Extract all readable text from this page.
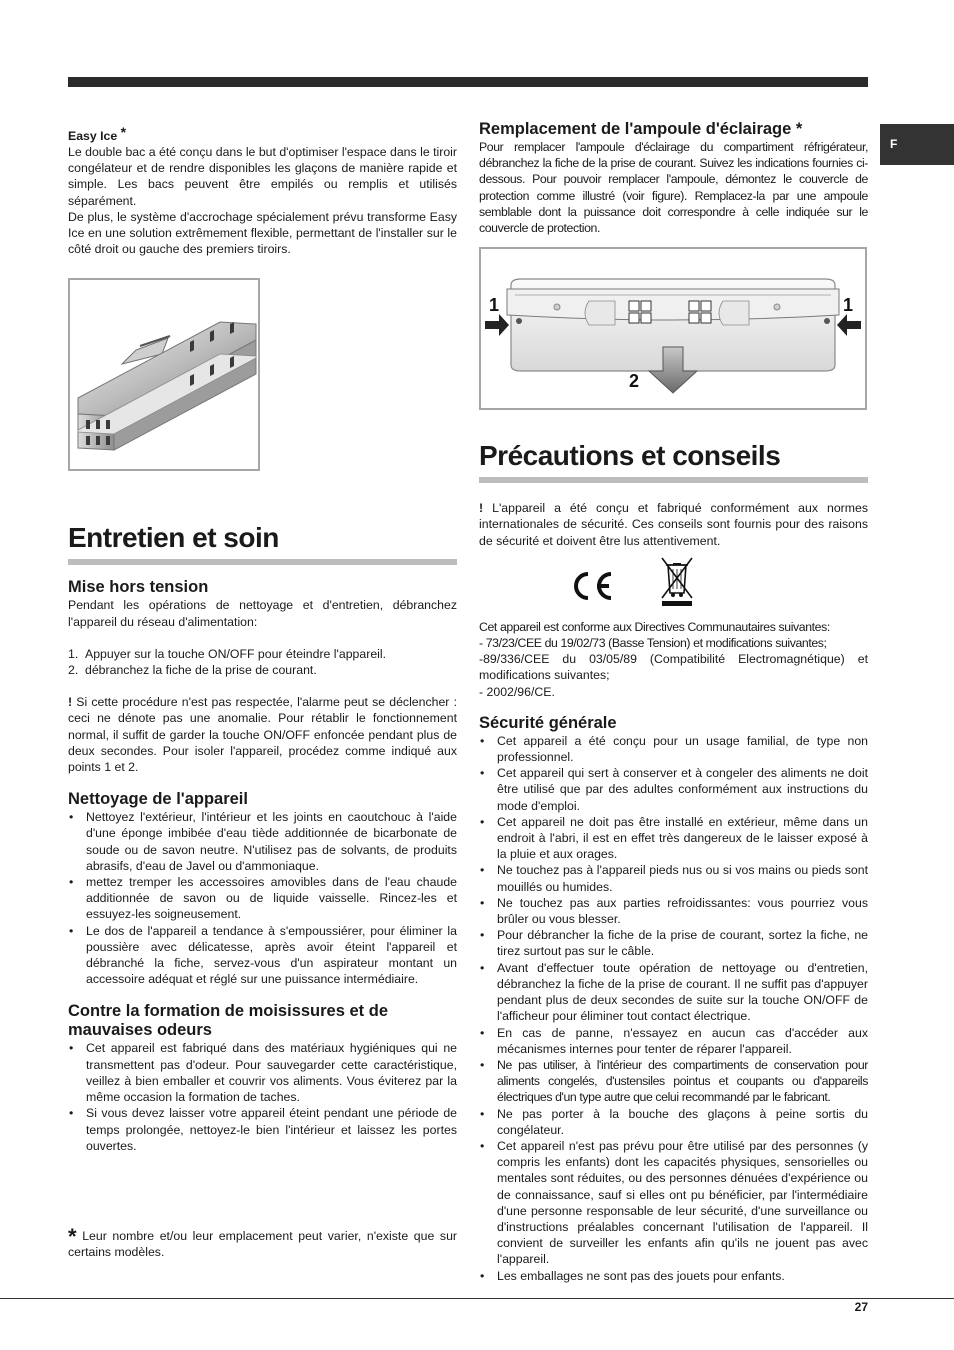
F
Easy Ice *

Le double bac a été conçu dans le but d'optimiser l'espace dans le tiroir congélateur et de rendre disponibles les glaçons de manière rapide et simple. Les bacs peuvent être empilés ou remplis et utilisés séparément.

De plus, le système d'accrochage spécialement prévu transforme Easy Ice en une solution extrêmement flexible, permettant de l'installer sur le côté droit ou gauche des premiers tiroirs.

Entretien et soin
Mise hors tension

Pendant les opérations de nettoyage et d'entretien, débranchez l'appareil du réseau d'alimentation:

1. Appuyer sur la touche ON/OFF pour éteindre l'appareil.
2. débranchez la fiche de la prise de courant.

! Si cette procédure n'est pas respectée, l'alarme peut se déclencher : ceci ne dénote pas une anomalie. Pour rétablir le fonctionnement normal, il suffit de garder la touche ON/OFF enfoncée pendant plus de deux secondes. Pour isoler l'appareil, procédez comme indiqué aux points 1 et 2.

Nettoyage de l'appareil
• Nettoyez l'extérieur, l'intérieur et les joints en caoutchouc à l'aide d'une éponge imbibée d'eau tiède additionnée de bicarbonate de soude ou de savon neutre. N'utilisez pas de solvants, de produits abrasifs, d'eau de Javel ou d'ammoniaque.
• mettez tremper les accessoires amovibles dans de l'eau chaude additionnée de savon ou de liquide vaisselle. Rincez-les et essuyez-les soigneusement.
• Le dos de l'appareil a tendance à s'empoussiérer, pour éliminer la poussière avec délicatesse, après avoir éteint l'appareil et débranché la fiche, servez-vous d'un aspirateur montant un accessoire adéquat et réglé sur une puissance intermédiaire.
Contre la formation de moisissures et de mauvaises odeurs
• Cet appareil est fabriqué dans des matériaux hygiéniques qui ne transmettent pas d'odeur. Pour sauvegarder cette caractéristique, veillez à bien emballer et couvrir vos aliments. Vous éviterez par la même occasion la formation de taches.
• Si vous devez laisser votre appareil éteint pendant une période de temps prolongée, nettoyez-le bien l'intérieur et laissez les portes ouvertes.

* Leur nombre et/ou leur emplacement peut varier, n'existe que sur certains modèles.

Remplacement de l'ampoule d'éclairage *

Pour remplacer l'ampoule d'éclairage du compartiment réfrigérateur, débranchez la fiche de la prise de courant. Suivez les indications fournies ci-dessous. Pour pouvoir remplacer l'ampoule, démontez le couvercle de protection comme illustré (voir figure). Remplacez-la par une ampoule semblable dont la puissance doit correspondre à celle indiquée sur le couvercle de protection.

1	1
2
Précautions et conseils

! L'appareil a été conçu et fabriqué conformément aux normes internationales de sécurité. Ces conseils sont fournis pour des raisons de sécurité et doivent être lus attentivement.

Cet appareil est conforme aux Directives Communautaires suivantes:

- 73/23/CEE du 19/02/73 (Basse Tension) et modifications suivantes;

-89/336/CEE du 03/05/89 (Compatibilité Electromagnétique) et modifications suivantes;

- 2002/96/CE.

Sécurité générale
• Cet appareil a été conçu pour un usage familial, de type non professionnel.
• Cet appareil qui sert à conserver et à congeler des aliments ne doit être utilisé que par des adultes conformément aux instructions du mode d'emploi.
• Cet appareil ne doit pas être installé en extérieur, même dans un endroit à l'abri, il est en effet très dangereux de le laisser exposé à la pluie et aux orages.
• Ne touchez pas à l'appareil pieds nus ou si vos mains ou pieds sont mouillés ou humides.
• Ne touchez pas aux parties refroidissantes: vous pourriez vous brûler ou vous blesser.
• Pour débrancher la fiche de la prise de courant, sortez la fiche, ne tirez surtout pas sur le câble.
• Avant d'effectuer toute opération de nettoyage ou d'entretien, débranchez la fiche de la prise de courant. Il ne suffit pas d'appuyer pendant plus de deux secondes de suite sur la touche ON/OFF de l'afficheur pour éliminer tout contact électrique.
• En cas de panne, n'essayez en aucun cas d'accéder aux mécanismes internes pour tenter de réparer l'appareil.
• Ne pas utiliser, à l'intérieur des compartiments de conservation pour aliments congelés, d'ustensiles pointus et coupants ou d'appareils électriques d'un type autre que celui recommandé par le fabricant.
• Ne pas porter à la bouche des glaçons à peine sortis du congélateur.
• Cet appareil n'est pas prévu pour être utilisé par des personnes (y compris les enfants) dont les capacités physiques, sensorielles ou mentales sont réduites, ou des personnes dénuées d'expérience ou de connaissance, sauf si elles ont pu bénéficier, par l'intermédiaire d'une personne responsable de leur sécurité, d'une surveillance ou d'instructions préalables concernant l'utilisation de l'appareil. Il convient de surveiller les enfants afin qu'ils ne jouent pas avec l'appareil.
• Les emballages ne sont pas des jouets pour enfants.
27
